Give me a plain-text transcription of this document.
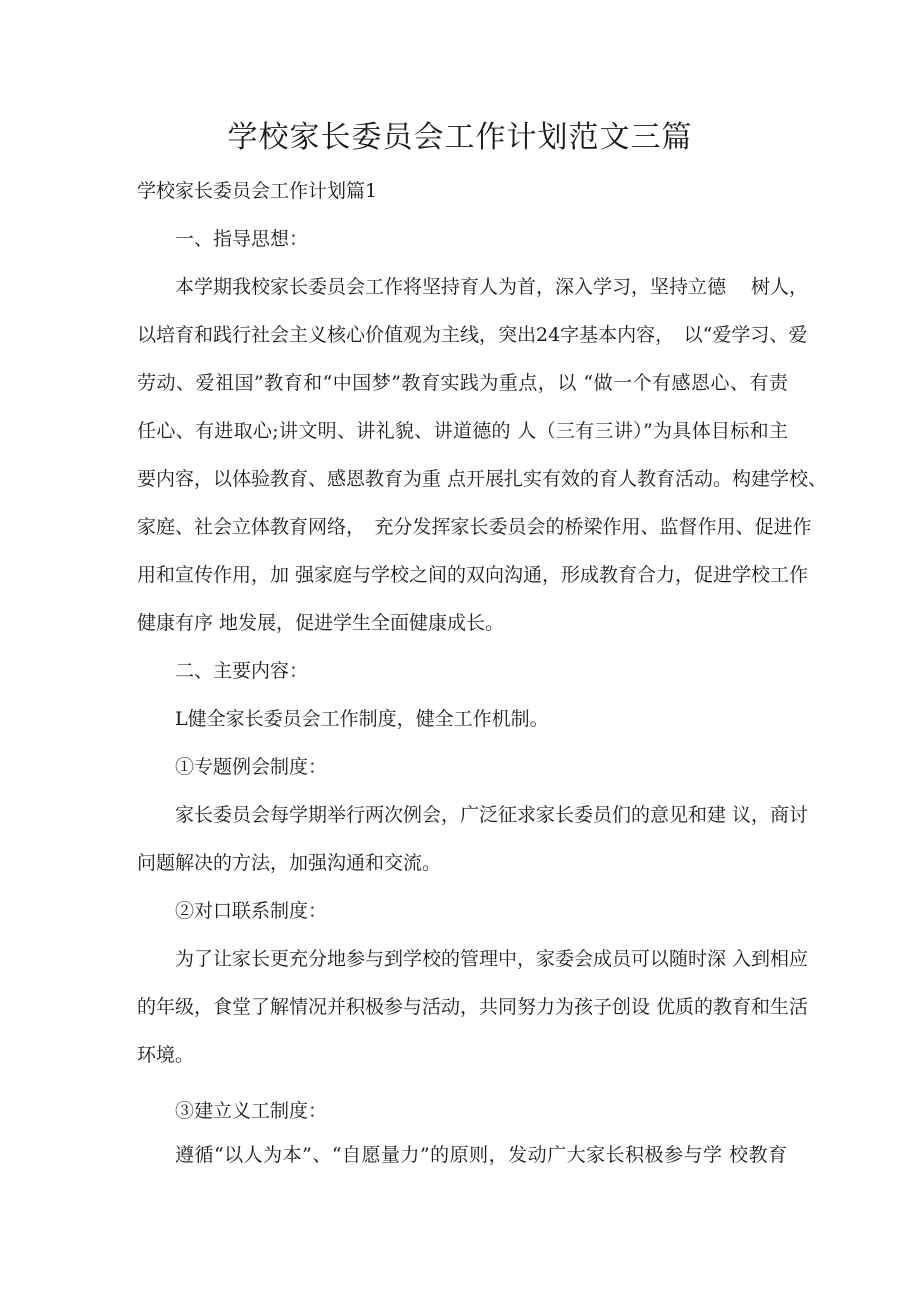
学校家长委员会工作计划范文三篇
学校家长委员会工作计划篇1
一、指导思想：
本学期我校家长委员会工作将坚持育人为首，深入学习，坚持立德　 树人，
以培育和践行社会主义核心价值观为主线，突出24字基本内容，　以“爱学习、爱
劳动、爱祖国”教育和“中国梦”教育实践为重点，以 “做一个有感恩心、有责
任心、有进取心;讲文明、讲礼貌、讲道德的 人（三有三讲）”为具体目标和主
要内容，以体验教育、感恩教育为重 点开展扎实有效的育人教育活动。构建学校、
家庭、社会立体教育网络，　充分发挥家长委员会的桥梁作用、监督作用、促进作
用和宣传作用，加 强家庭与学校之间的双向沟通，形成教育合力，促进学校工作
健康有序 地发展，促进学生全面健康成长。
二、主要内容：
L健全家长委员会工作制度，健全工作机制。
①专题例会制度：
家长委员会每学期举行两次例会，广泛征求家长委员们的意见和建 议，商讨
问题解决的方法，加强沟通和交流。
②对口联系制度：
为了让家长更充分地参与到学校的管理中，家委会成员可以随时深 入到相应
的年级，食堂了解情况并积极参与活动，共同努力为孩子创设 优质的教育和生活
环境。
③建立义工制度：
遵循“以人为本”、“自愿量力”的原则，发动广大家长积极参与学 校教育
